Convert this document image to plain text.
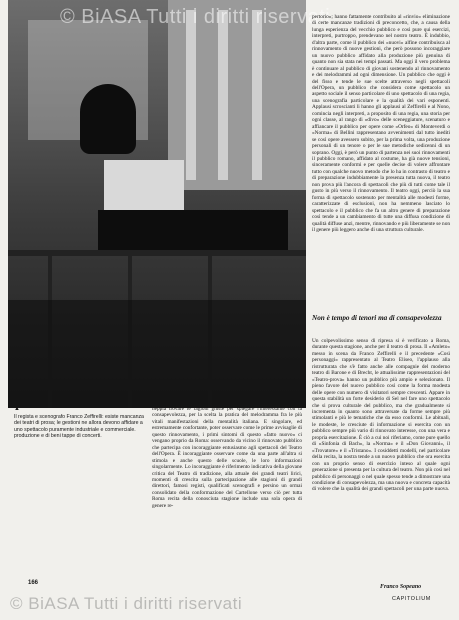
© BiASA Tutti i diritti riservati
▲
Il regista e scenografo Franco Zeffirelli: esiste mancanza dei teatri di prosa; le gestioni ne allora devono affidare a uno spettacolo puramente industriale e commerciale. produzione e di beni tappe di concerti.
neppia trovare le ragioni giuste per spiegare l'interessante con la consapevolezza, per la scelta la pratica del melodramma fra le più vitali manifestazioni della mentalità italiana. E singolare, ed estremamente confortante, poter osservare come le prime avvisaglie di questo rinnovamento, i primi sintomi di questo «fatto nuovo» ci vengano proprio da Roma: osservando da vicino il rinnovato pubblico che partecipa con incoraggiante entusiasmo agli spettacoli del Teatro dell'Opera. È incoraggiante osservare come da una parte all'altra si stimola e anche questo delle scuole, le loro informazioni singolarmente. Lo incoraggiante è riferimento indicativa della giovane critica del Teatro di tradizione, alla attuale dei grandi teatri lirici, momenti di crescita sulla partecipazione alle stagioni di grandi direttori, famosi registi, qualificati scenografi e persino un ormai consolidato della conformazione del Cartellone verso ciò per tutta Roma recita della conosciuta stagione include una sola opera di genere re-
pertorio»; hanno fattamente contribuito al «rinvio» eliminazione di certe mancanze tradizioni di preconcetto, che, a causa della lunga esperienza del vecchio pubblico e così pure qui esercizi, interpreti, purtroppo, prendevano nel nostro teatro. È indubbio, d'altra parte, come il pubblico dei «nuovi» alfine contribuisca al rinnovamento di nuove gestioni, che però possono incoraggiare un nuovo pubblico affidato alla produzione più genuina di quanto non sia stata nei tempi passati. Ma oggi il vero problema è continuare al pubblico di giovani sostenendo al rinnovamento e dei melodrammi ad ogni dimensione. Un pubblico che oggi è del fisso e tende le sue scelte attraverso negli spettacoli dell'Opera, un pubblico che considera come spettacolo un aspetto sociale il senso particolare di uno spettacolo di una regia, una scenografia particolare e la qualità dei vari esponenti. Applausi scroscianti li hanno gli applausi al Zeffirelli e al Nono, comincia negli interpreti, a proposito di una regia, una storia per ogni classe, al rango di «divo» delle sceneggiature, scenaturo e affiancare il pubblico per opere come «Orfeo» di Monteverdi o «Norma» di Bellini rappresentano avvenimenti dal tutto inediti se così opere avessero subito, per la prima volta, una produzione personali di un tenore o per le sue metodiche sedicenni di un soprano. Oggi, è però un punto di partenza nei suoi rinnovamenti il pubblico romano, affidato al costume, ha già nuove tensioni, sinceramente conformi e per quelle decise di volere affrontare tutto con qualche nuovo metodo che lo ha in contrasto di teatro e di preparazione indubbiamente la presenza tutta nuova, il teatro non prova più l'ancora di spettacoli che più di tutti come tale il gusto in più verso il rinnovamento. Il teatro oggi, perciò la sua forma di spettacolo sostenuto per mentalità alle modesti forme, caratterizzate di esclusioni, non ha nemmeno lasciato lo spettacolo e il pubblico che fa un altro genere di preparazione così tende a un cambiamento di tutte una diffusa condizione di qualità diffuse anzi, mentre, rinnovando e più liberamente se non il genere più leggero anche di una struttura culturale.
Non è tempo di tenori ma di consapevolezza
Un colpevolissimo senso di ripresa si è verificato a Roma, durante questa stagione, anche per il teatro di prosa. Il «Amleto» messo in scena da Franco Zeffirelli e il precedente «Così personaggi» rappresentato al Teatro Eliseo, l'applauso alla ristrutturata che s'è fatto anche alle compagnie del moderno teatro di Barone e di Brecht, le attualissime rappresentazioni del «Teatro-prova» hanno un pubblico più ampio e selezionato. Il pieno favore del nuovo pubblico così come la forma modesta delle opere con numero di visitatori sempre crescenti. Appare in questa stabilità un forte desiderio di Sel nel fare uno spettacolo che si prova culturale del pubblico, ma che gradualmente si incrementa in quanto sono attraversate da forme sempre più stimolanti e più le tematiche che da esso conformi. Le abituali, le modeste, le cresciute di informazione si esercita con un pubblico sempre più vario di rinnovato interesse, con una vera e propria esercitazione. È ciò a cui noi riferiamo, come pure quello di «Sinfonia di Bach», la «Norma» e il «Don Giovanni», il «Trovatore» e il «Tristano». I cosiddetti modelli, nel particolare della recita, la nostra tende a un nuovo pubblico che ora esercita con un proprio senso di esercizio inteso al quale ogni generazione si presenta per la cultura del teatro. Non più così nel pubblico di personaggi o nel quale spesso tende a dimostrare una condizione di consapevolezza, ma una nuova e concreta capacità di volere che la qualità dei grandi spettacoli per una parte nuova.
Franco Sopeano
166
CAPITOLIUM
© BiASA Tutti i diritti riservati
